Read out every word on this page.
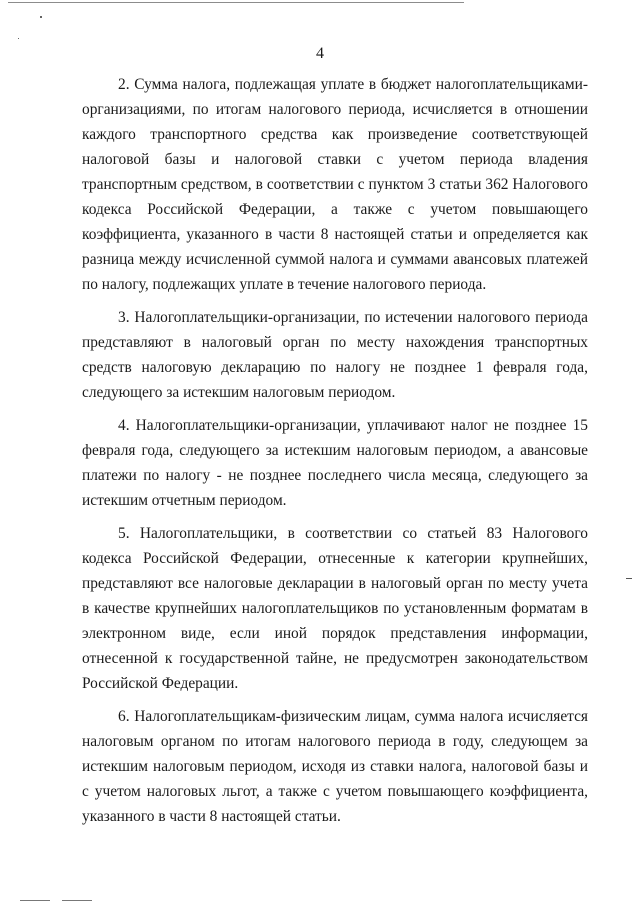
4

2. Сумма налога, подлежащая уплате в бюджет налогоплательщиками-организациями, по итогам налогового периода, исчисляется в отношении каждого транспортного средства как произведение соответствующей налоговой базы и налоговой ставки с учетом периода владения транспортным средством, в соответствии с пунктом 3 статьи 362 Налогового кодекса Российской Федерации, а также с учетом повышающего коэффициента, указанного в части 8 настоящей статьи и определяется как разница между исчисленной суммой налога и суммами авансовых платежей по налогу, подлежащих уплате в течение налогового периода.

3. Налогоплательщики-организации, по истечении налогового периода представляют в налоговый орган по месту нахождения транспортных средств налоговую декларацию по налогу не позднее 1 февраля года, следующего за истекшим налоговым периодом.

4. Налогоплательщики-организации, уплачивают налог не позднее 15 февраля года, следующего за истекшим налоговым периодом, а авансовые платежи по налогу - не позднее последнего числа месяца, следующего за истекшим отчетным периодом.

5. Налогоплательщики, в соответствии со статьей 83 Налогового кодекса Российской Федерации, отнесенные к категории крупнейших, представляют все налоговые декларации в налоговый орган по месту учета в качестве крупнейших налогоплательщиков по установленным форматам в электронном виде, если иной порядок представления информации, отнесенной к государственной тайне, не предусмотрен законодательством Российской Федерации.

6. Налогоплательщикам-физическим лицам, сумма налога исчисляется налоговым органом по итогам налогового периода в году, следующем за истекшим налоговым периодом, исходя из ставки налога, налоговой базы и с учетом налоговых льгот, а также с учетом повышающего коэффициента, указанного в части 8 настоящей статьи.
